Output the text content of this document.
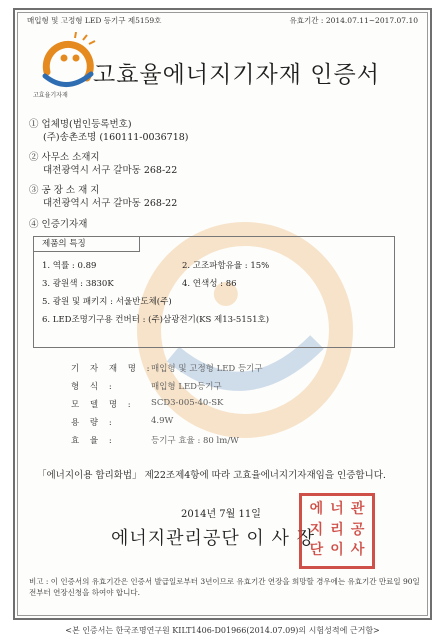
매입형 및 고정형 LED 등기구 제5159호	유효기간 : 2014.07.11~2017.07.10
고효율기자재
고효율에너지기자재 인증서
① 업체명(법인등록번호)
(주)송촌조명 (160111-0036718)
② 사무소 소재지
대전광역시 서구 갈마동 268-22
③ 공 장 소 재 지
대전광역시 서구 갈마동 268-22
④ 인증기자재
제품의 특징
1. 역률 : 0.89	2. 고조파함유율 : 15%
3. 광원색 : 3830K	4. 연색성 : 86
5. 광원 및 패키지 : 서울반도체(주)
6. LED조명기구용 컨버터 : (주)삼광전기(KS 제13-5151호)
기 자 재 명 :
매입형 및 고정형 LED 등기구
형 식 :	매입형 LED등기구
모 델 명 : SCD3-005-40-SK
용 량 :	4.9W
효 율 :	등기구 효율 : 80 lm/W
「에너지이용 합리화법」 제22조제4항에 따라 고효율에너지기자재임을 인증합니다.
2014년 7월 11일
에너지관리공단 이 사 장
에 너 관
지 리 공
단 이 사
비고 : 이 인증서의 유효기간은 인증서 발급일로부터 3년이므로 유효기간 연장을 희망할 경우에는 유효기간 만료일 90일전부터 연장신청을 하여야 합니다.
<본 인증서는 한국조명연구원 KILT1406-D01966(2014.07.09)의 시험성적에 근거함>
